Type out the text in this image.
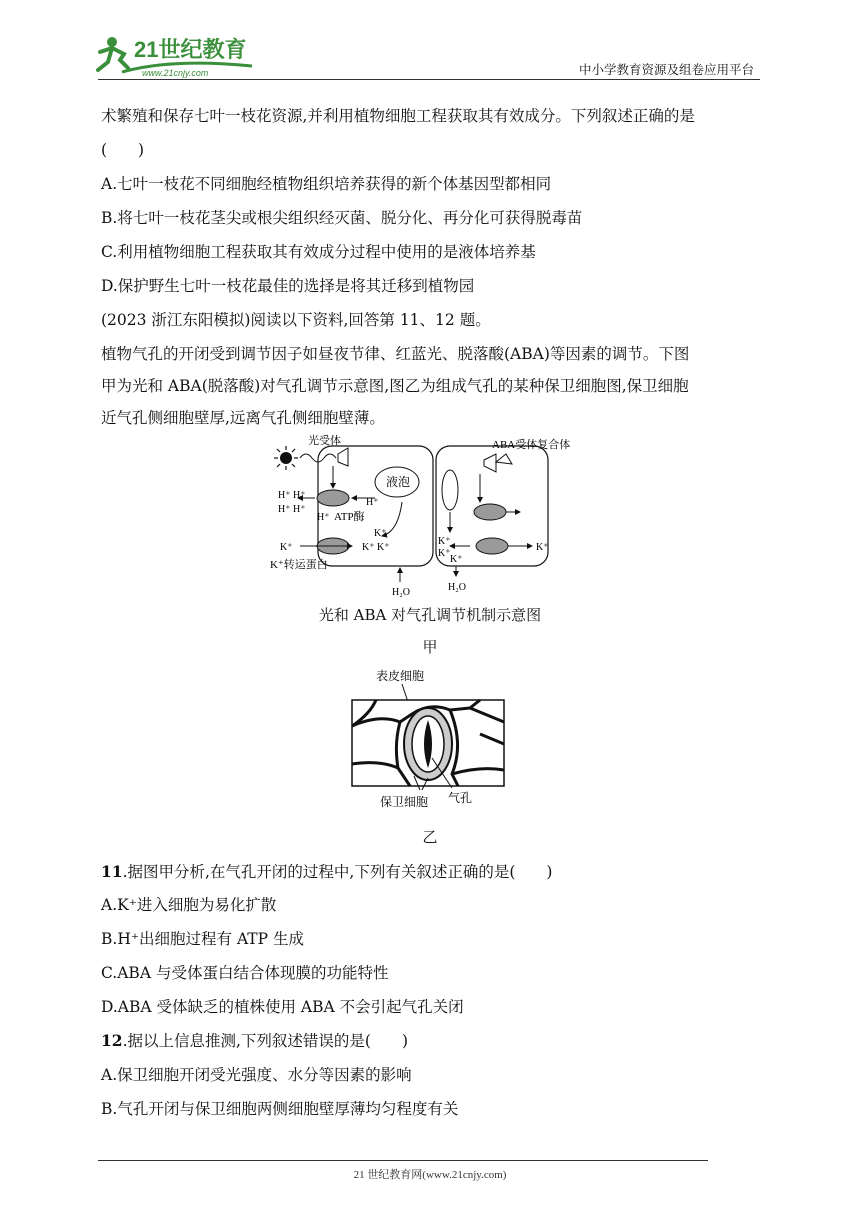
21世纪教育
www.21cnjy.com	中小学教育资源及组卷应用平台
术繁殖和保存七叶一枝花资源,并利用植物细胞工程获取其有效成分。下列叙述正确的是
(  )
A.七叶一枝花不同细胞经植物组织培养获得的新个体基因型都相同
B.将七叶一枝花茎尖或根尖组织经灭菌、脱分化、再分化可获得脱毒苗
C.利用植物细胞工程获取其有效成分过程中使用的是液体培养基
D.保护野生七叶一枝花最佳的选择是将其迁移到植物园
(2023 浙江东阳模拟)阅读以下资料,回答第 11、12 题。
植物气孔的开闭受到调节因子如昼夜节律、红蓝光、脱落酸(ABA)等因素的调节。下图
甲为光和 ABA(脱落酸)对气孔调节示意图,图乙为组成气孔的某种保卫细胞图,保卫细胞
近气孔侧细胞壁厚,远离气孔侧细胞壁薄。
光受体
液泡
H⁺ H⁺
H⁺ H⁺
H⁺
H⁺ ATP酶
K⁺
K⁺
K⁺ K⁺
K⁺转运蛋白
ABA受体复合体
K⁺
K⁺
K⁺
K⁺
H₂O	H₂O
光和 ABA 对气孔调节机制示意图
甲
表皮细胞
保卫细胞 气孔
乙
11.据图甲分析,在气孔开闭的过程中,下列有关叙述正确的是(  )
A.K⁺进入细胞为易化扩散
B.H⁺出细胞过程有 ATP 生成
C.ABA 与受体蛋白结合体现膜的功能特性
D.ABA 受体缺乏的植株使用 ABA 不会引起气孔关闭
12.据以上信息推测,下列叙述错误的是(  )
A.保卫细胞开闭受光强度、水分等因素的影响
B.气孔开闭与保卫细胞两侧细胞壁厚薄均匀程度有关
21 世纪教育网(www.21cnjy.com)
